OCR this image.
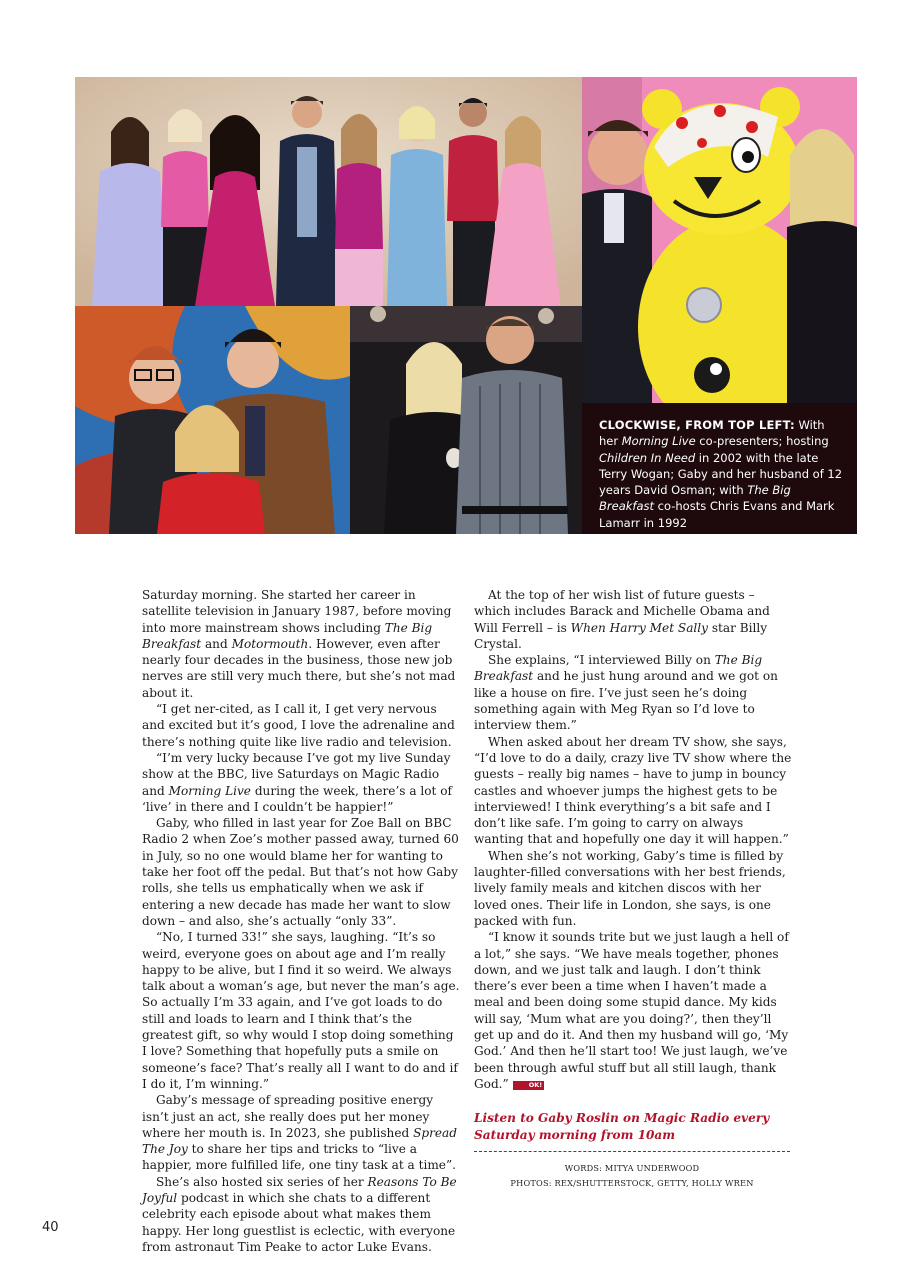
CLOCKWISE, FROM TOP LEFT: With her Morning Live co-presenters; hosting Children In Need in 2002 with the late Terry Wogan; Gaby and her husband of 12 years David Osman; with The Big Breakfast co-hosts Chris Evans and Mark Lamarr in 1992

Saturday morning. She started her career in satellite television in January 1987, before moving into more mainstream shows including The Big Breakfast and Motormouth. However, even after nearly four decades in the business, those new job nerves are still very much there, but she’s not mad about it.

“I get ner-cited, as I call it, I get very nervous and excited but it’s good, I love the adrenaline and there’s nothing quite like live radio and television.

“I’m very lucky because I’ve got my live Sunday show at the BBC, live Saturdays on Magic Radio and Morning Live during the week, there’s a lot of ‘live’ in there and I couldn’t be happier!”

Gaby, who filled in last year for Zoe Ball on BBC Radio 2 when Zoe’s mother passed away, turned 60 in July, so no one would blame her for wanting to take her foot off the pedal. But that’s not how Gaby rolls, she tells us emphatically when we ask if entering a new decade has made her want to slow down – and also, she’s actually “only 33”.

“No, I turned 33!” she says, laughing. “It’s so weird, everyone goes on about age and I’m really happy to be alive, but I find it so weird. We always talk about a woman’s age, but never the man’s age. So actually I’m 33 again, and I’ve got loads to do still and loads to learn and I think that’s the greatest gift, so why would I stop doing something I love? Something that hopefully puts a smile on someone’s face? That’s really all I want to do and if I do it, I’m winning.”

Gaby’s message of spreading positive energy isn’t just an act, she really does put her money where her mouth is. In 2023, she published Spread The Joy to share her tips and tricks to “live a happier, more fulfilled life, one tiny task at a time”.

She’s also hosted six series of her Reasons To Be Joyful podcast in which she chats to a different celebrity each episode about what makes them happy. Her long guestlist is eclectic, with everyone from astronaut Tim Peake to actor Luke Evans.

At the top of her wish list of future guests – which includes Barack and Michelle Obama and Will Ferrell – is When Harry Met Sally star Billy Crystal.

She explains, “I interviewed Billy on The Big Breakfast and he just hung around and we got on like a house on fire. I’ve just seen he’s doing something again with Meg Ryan so I’d love to interview them.”

When asked about her dream TV show, she says, “I’d love to do a daily, crazy live TV show where the guests – really big names – have to jump in bouncy castles and whoever jumps the highest gets to be interviewed! I think everything’s a bit safe and I don’t like safe. I’m going to carry on always wanting that and hopefully one day it will happen.”

When she’s not working, Gaby’s time is filled by laughter-filled conversations with her best friends, lively family meals and kitchen discos with her loved ones. Their life in London, she says, is one packed with fun.

“I know it sounds trite but we just laugh a hell of a lot,” she says. “We have meals together, phones down, and we just talk and laugh. I don’t think there’s ever been a time when I haven’t made a meal and been doing some stupid dance. My kids will say, ‘Mum what are you doing?’, then they’ll get up and do it. And then my husband will go, ‘My God.’ And then he’ll start too! We just laugh, we’ve been through awful stuff but all still laugh, thank God.”	OK!

Listen to Gaby Roslin on Magic Radio every Saturday morning from 10am
WORDS: MITYA UNDERWOOD
PHOTOS: REX/SHUTTERSTOCK, GETTY, HOLLY WREN
40
